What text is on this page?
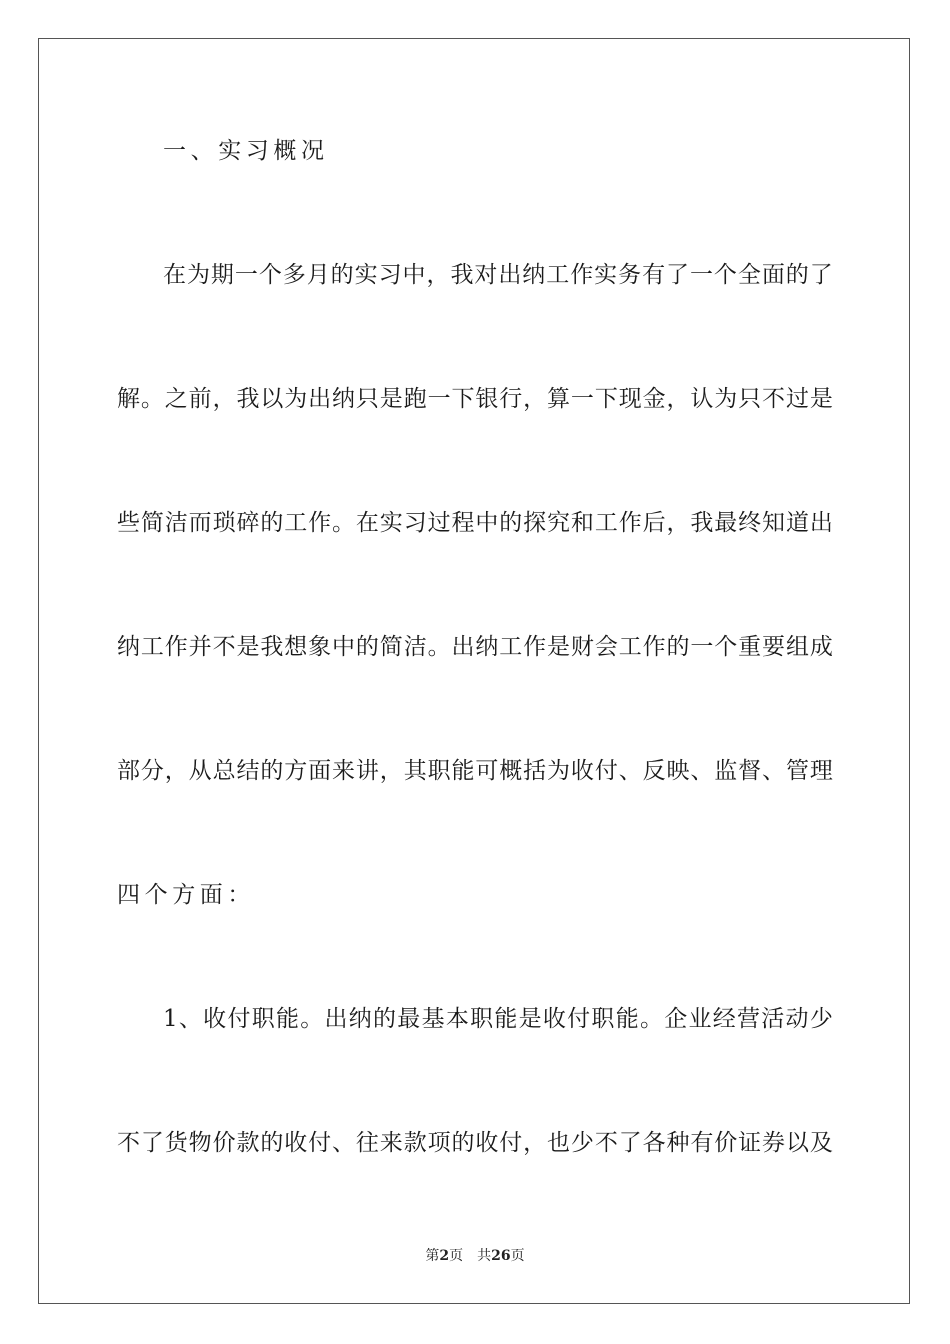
一、实习概况
在 为 期 一 个 多 月 的 实 习 中 ， 我 对 出 纳 工 作 实 务 有 了 一 个 全 面 的 了
解 。 之 前 ， 我 以 为 出 纳 只 是 跑 一 下 银 行 ， 算 一 下 现 金 ， 认 为 只 不 过 是
些 简 洁 而 琐 碎 的 工 作 。 在 实 习 过 程 中 的 探 究 和 工 作 后 ， 我 最 终 知 道 出
纳 工 作 并 不 是 我 想 象 中 的 简 洁 。 出 纳 工 作 是 财 会 工 作 的 一 个 重 要 组 成
部 分 ， 从 总 结 的 方 面 来 讲 ， 其 职 能 可 概 括 为 收 付 、 反 映 、 监 督 、 管 理
四个方面：
1 、 收 付 职 能 。 出 纳 的 最 基 本 职 能 是 收 付 职 能 。 企 业 经 营 活 动 少
不 了 货 物 价 款 的 收 付 、 往 来 款 项 的 收 付 ， 也 少 不 了 各 种 有 价 证 券 以 及
第2页 共26页
